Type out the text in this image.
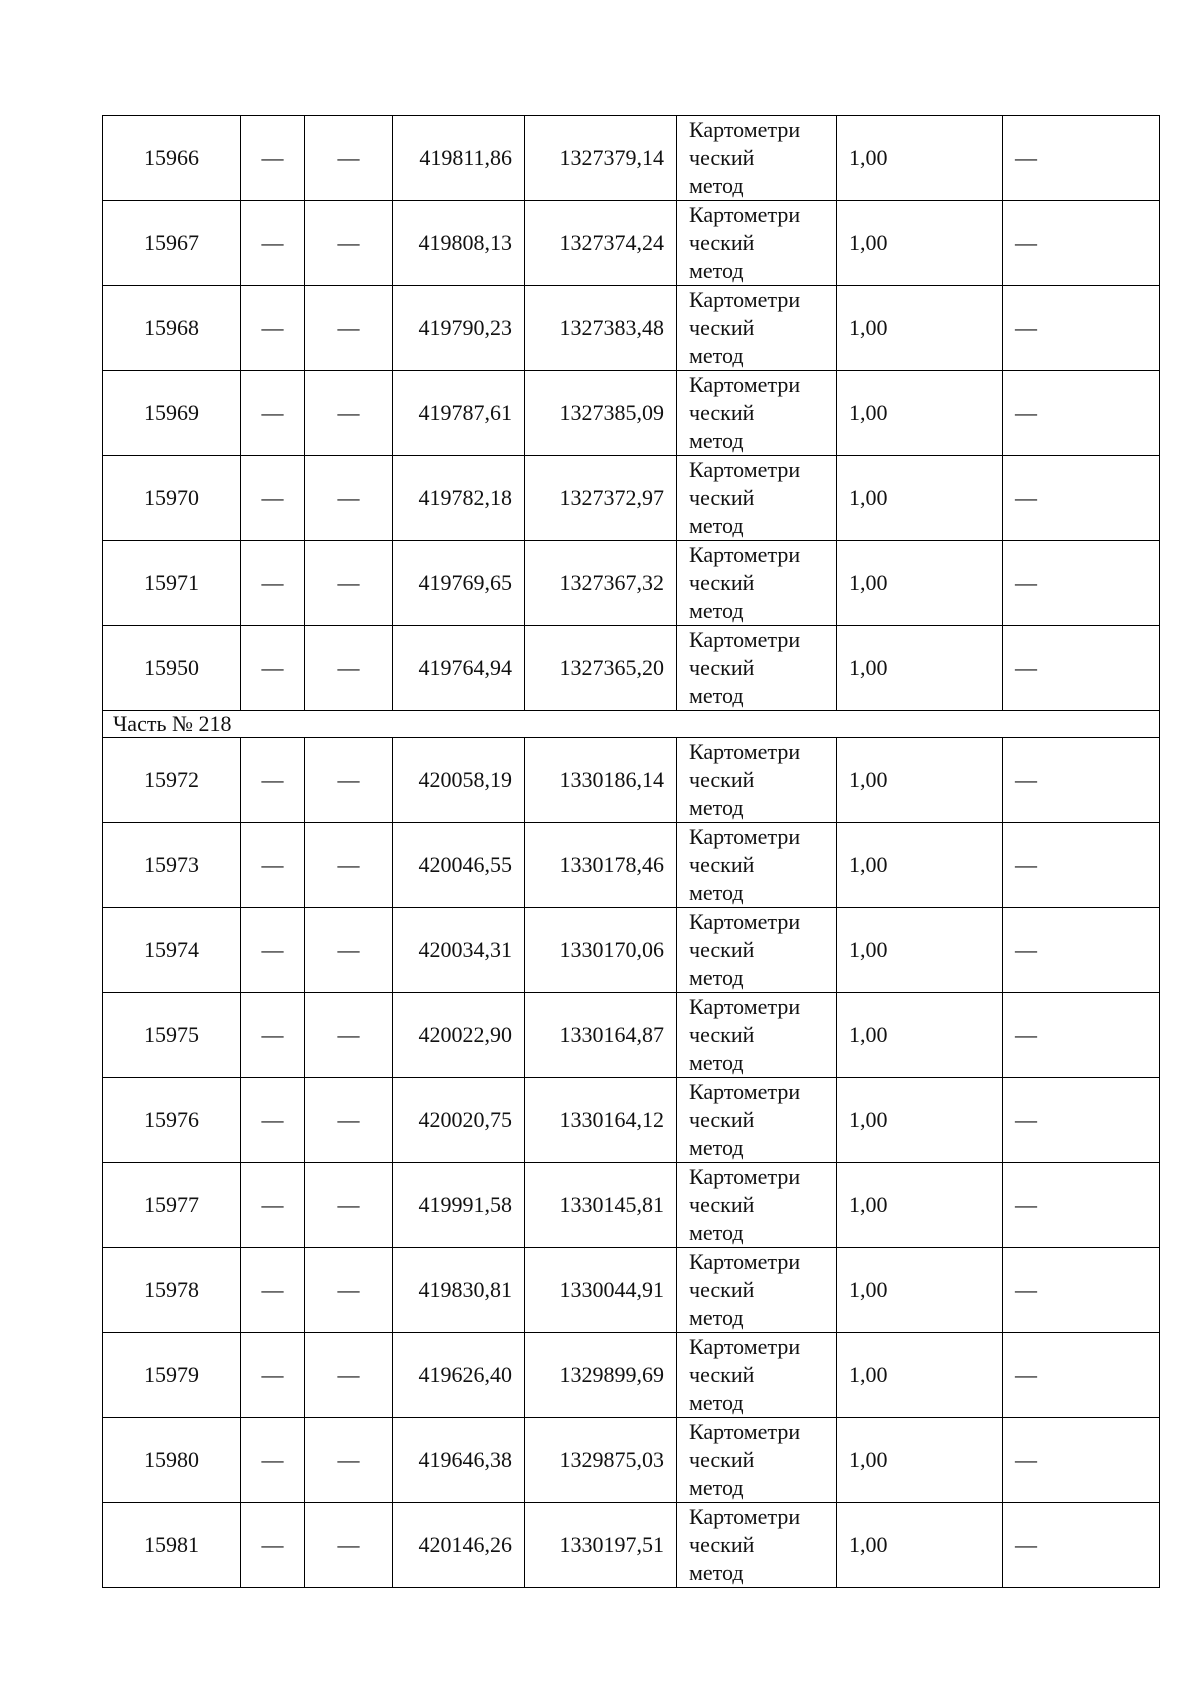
15966	—	—	419811,86	1327379,14	Картометри
ческий
метод	1,00	—
15967	—	—	419808,13	1327374,24	Картометри
ческий
метод	1,00	—
15968	—	—	419790,23	1327383,48	Картометри
ческий
метод	1,00	—
15969	—	—	419787,61	1327385,09	Картометри
ческий
метод	1,00	—
15970	—	—	419782,18	1327372,97	Картометри
ческий
метод	1,00	—
15971	—	—	419769,65	1327367,32	Картометри
ческий
метод	1,00	—
15950	—	—	419764,94	1327365,20	Картометри
ческий
метод	1,00	—
Часть № 218							
15972	—	—	420058,19	1330186,14	Картометри
ческий
метод	1,00	—
15973	—	—	420046,55	1330178,46	Картометри
ческий
метод	1,00	—
15974	—	—	420034,31	1330170,06	Картометри
ческий
метод	1,00	—
15975	—	—	420022,90	1330164,87	Картометри
ческий
метод	1,00	—
15976	—	—	420020,75	1330164,12	Картометри
ческий
метод	1,00	—
15977	—	—	419991,58	1330145,81	Картометри
ческий
метод	1,00	—
15978	—	—	419830,81	1330044,91	Картометри
ческий
метод	1,00	—
15979	—	—	419626,40	1329899,69	Картометри
ческий
метод	1,00	—
15980	—	—	419646,38	1329875,03	Картометри
ческий
метод	1,00	—
15981	—	—	420146,26	1330197,51	Картометри
ческий
метод	1,00	—
